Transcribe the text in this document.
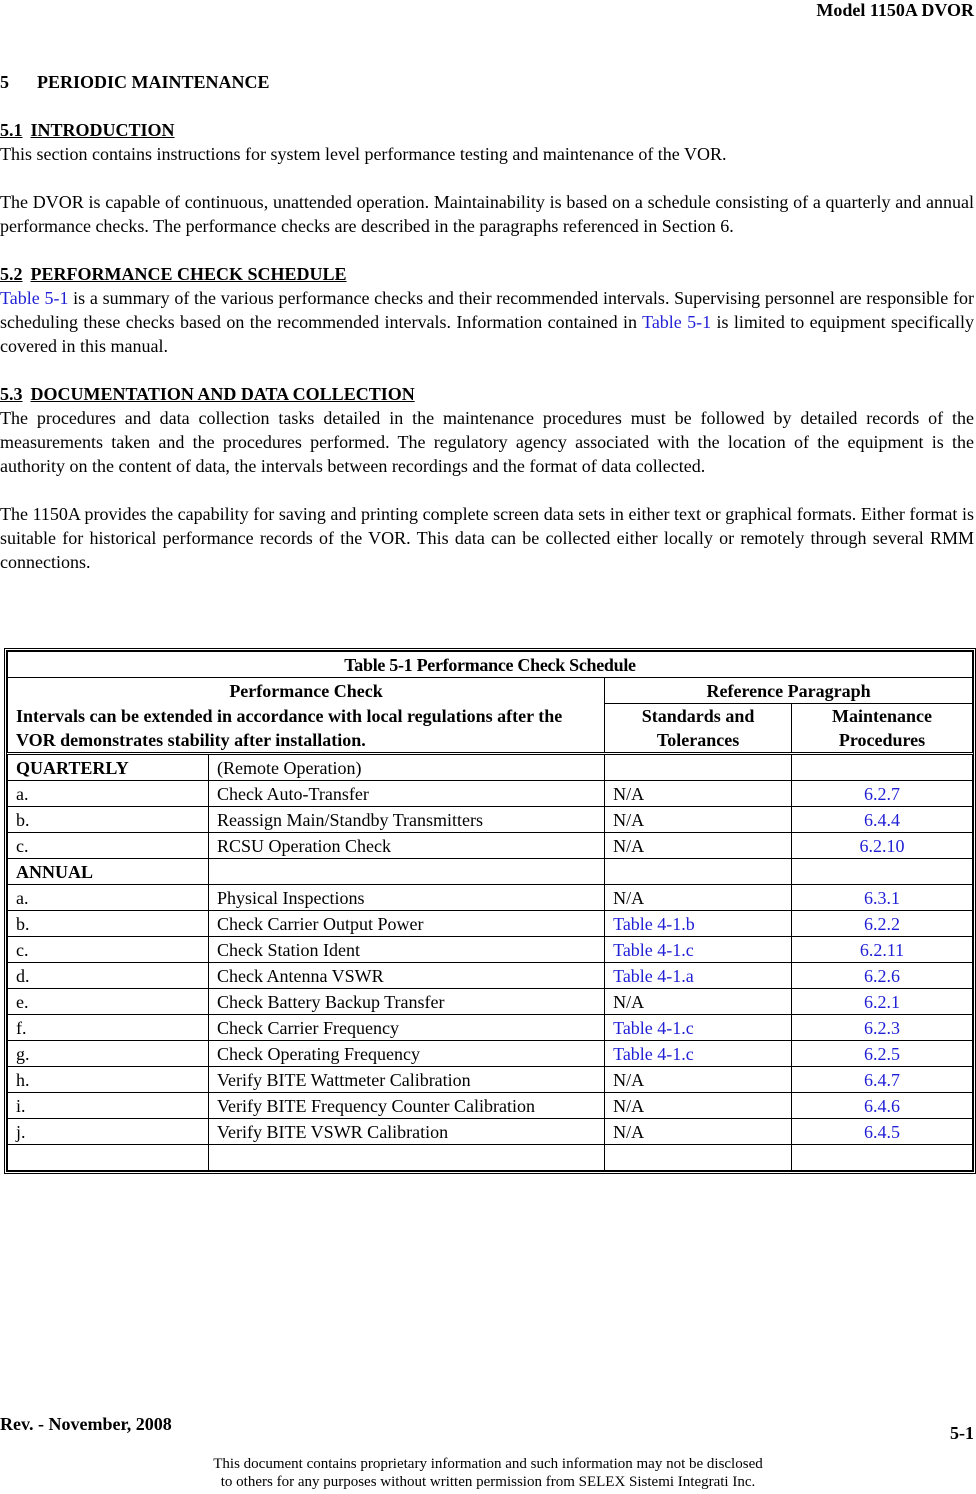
Model 1150A DVOR
5 PERIODIC MAINTENANCE
5.1 INTRODUCTION

This section contains instructions for system level performance testing and maintenance of the VOR.

The DVOR is capable of continuous, unattended operation. Maintainability is based on a schedule consisting of a quarterly and annual performance checks. The performance checks are described in the paragraphs referenced in Section 6.

5.2 PERFORMANCE CHECK SCHEDULE

Table 5-1 is a summary of the various performance checks and their recommended intervals. Supervising personnel are responsible for scheduling these checks based on the recommended intervals. Information contained in Table 5-1 is limited to equipment specifically covered in this manual.

5.3 DOCUMENTATION AND DATA COLLECTION

The procedures and data collection tasks detailed in the maintenance procedures must be followed by detailed records of the measurements taken and the procedures performed. The regulatory agency associated with the location of the equipment is the authority on the content of data, the intervals between recordings and the format of data collected.

The 1150A provides the capability for saving and printing complete screen data sets in either text or graphical formats. Either format is suitable for historical performance records of the VOR. This data can be collected either locally or remotely through several RMM connections.

Table 5-1 Performance Check Schedule			
Performance Check		Reference Paragraph	
Intervals can be extended in accordance with local regulations after the VOR demonstrates stability after installation.		Standards and Tolerances	Maintenance Procedures
QUARTERLY	(Remote Operation)		
a.	Check Auto-Transfer	N/A	6.2.7
b.	Reassign Main/Standby Transmitters	N/A	6.4.4
c.	RCSU Operation Check	N/A	6.2.10
ANNUAL			
a.	Physical Inspections	N/A	6.3.1
b.	Check Carrier Output Power	Table 4-1.b	6.2.2
c.	Check Station Ident	Table 4-1.c	6.2.11
d.	Check Antenna VSWR	Table 4-1.a	6.2.6
e.	Check Battery Backup Transfer	N/A	6.2.1
f.	Check Carrier Frequency	Table 4-1.c	6.2.3
g.	Check Operating Frequency	Table 4-1.c	6.2.5
h.	Verify BITE Wattmeter Calibration	N/A	6.4.7
i.	Verify BITE Frequency Counter Calibration	N/A	6.4.6
j.	Verify BITE VSWR Calibration	N/A	6.4.5

Rev. - November, 2008	5-1
This document contains proprietary information and such information may not be disclosed
to others for any purposes without written permission from SELEX Sistemi Integrati Inc.
